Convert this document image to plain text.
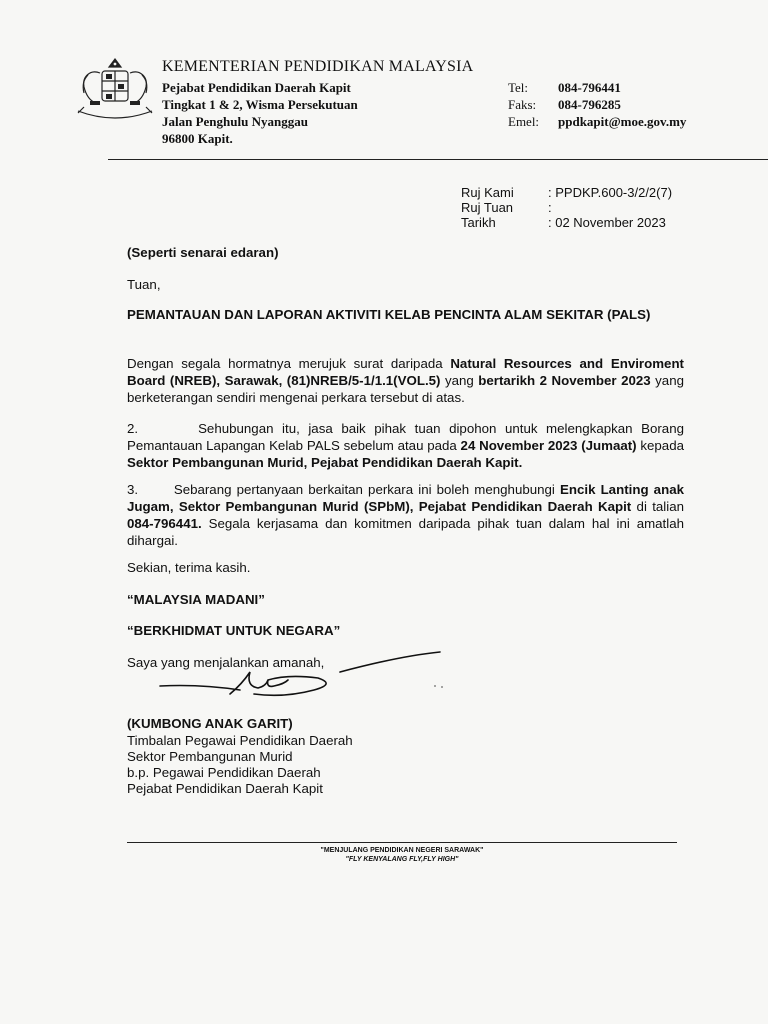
KEMENTERIAN PENDIDIKAN MALAYSIA
Pejabat Pendidikan Daerah Kapit
Tingkat 1 & 2, Wisma Persekutuan
Jalan Penghulu Nyanggau
96800 Kapit.
Tel: 084-796441
Faks: 084-796285
Emel: ppdkapit@moe.gov.my
Ruj Kami	: PPDKP.600-3/2/2(7)
Ruj Tuan	:
Tarikh	: 02 November 2023
(Seperti senarai edaran)
Tuan,
PEMANTAUAN DAN LAPORAN AKTIVITI KELAB PENCINTA ALAM SEKITAR (PALS)
Dengan segala hormatnya merujuk surat daripada Natural Resources and Enviroment Board (NREB), Sarawak, (81)NREB/5-1/1.1(VOL.5) yang bertarikh 2 November 2023 yang berketerangan sendiri mengenai perkara tersebut di atas.
2.	Sehubungan itu, jasa baik pihak tuan dipohon untuk melengkapkan Borang Pemantauan Lapangan Kelab PALS sebelum atau pada 24 November 2023 (Jumaat) kepada Sektor Pembangunan Murid, Pejabat Pendidikan Daerah Kapit.
3.	Sebarang pertanyaan berkaitan perkara ini boleh menghubungi Encik Lanting anak Jugam, Sektor Pembangunan Murid (SPbM), Pejabat Pendidikan Daerah Kapit di talian 084-796441. Segala kerjasama dan komitmen daripada pihak tuan dalam hal ini amatlah dihargai.
Sekian, terima kasih.
“MALAYSIA MADANI”
“BERKHIDMAT UNTUK NEGARA”
Saya yang menjalankan amanah,
(KUMBONG ANAK GARIT)
Timbalan Pegawai Pendidikan Daerah
Sektor Pembangunan Murid
b.p. Pegawai Pendidikan Daerah
Pejabat Pendidikan Daerah Kapit
"MENJULANG PENDIDIKAN NEGERI SARAWAK"
"FLY KENYALANG FLY,FLY HIGH"
